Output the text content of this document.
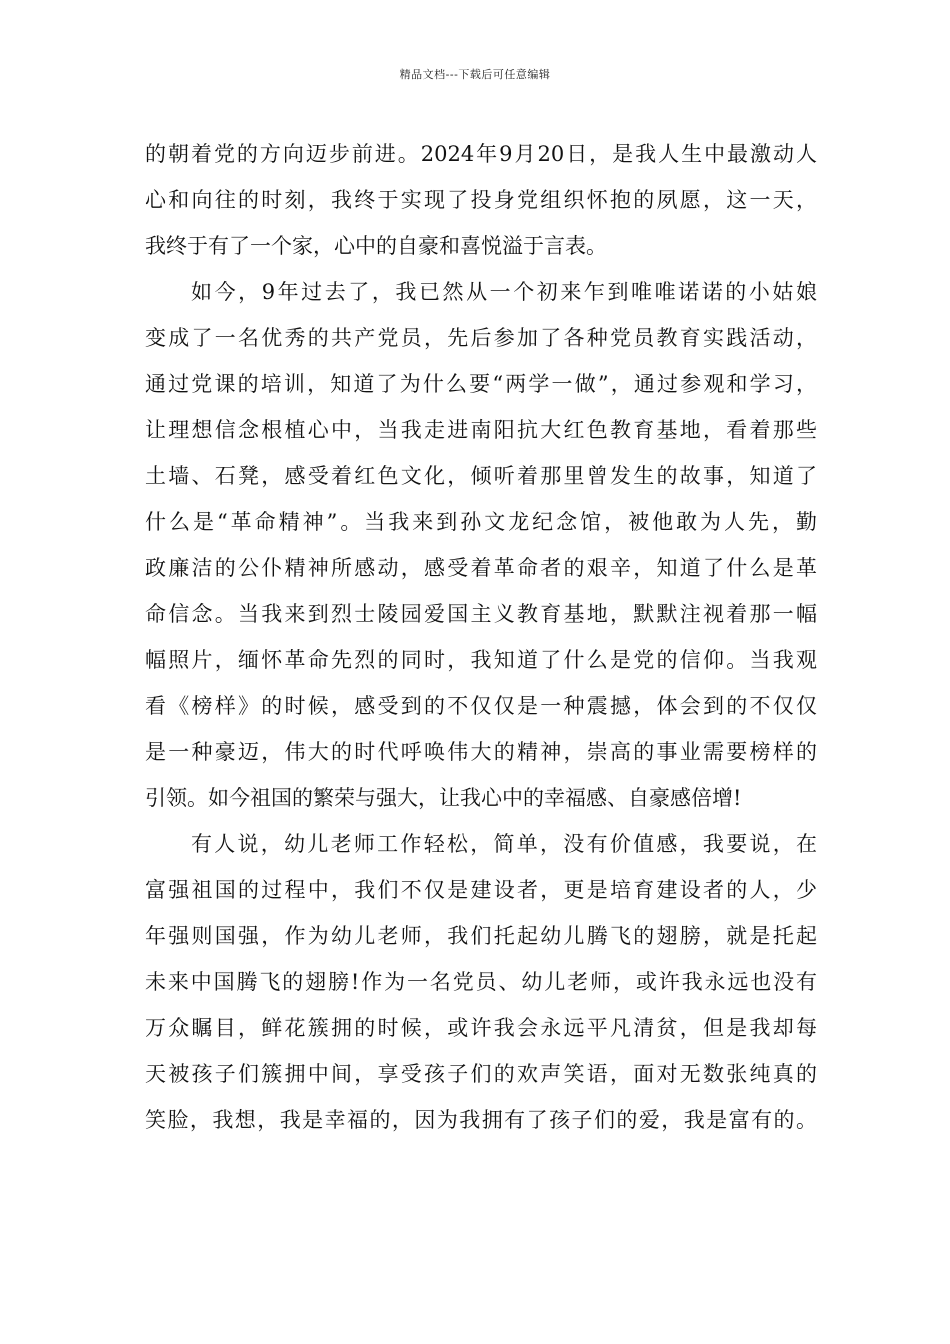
精品文档---下载后可任意编辑
的朝着党的方向迈步前进。2024年9月20日，是我人生中最激动人
心和向往的时刻，我终于实现了投身党组织怀抱的夙愿，这一天，
我终于有了一个家，心中的自豪和喜悦溢于言表。
如今，9年过去了，我已然从一个初来乍到唯唯诺诺的小姑娘
变成了一名优秀的共产党员，先后参加了各种党员教育实践活动，
通过党课的培训，知道了为什么要“两学一做”，通过参观和学习，
让理想信念根植心中，当我走进南阳抗大红色教育基地，看着那些
土墙、石凳，感受着红色文化，倾听着那里曾发生的故事，知道了
什么是“革命精神”。当我来到孙文龙纪念馆，被他敢为人先，勤
政廉洁的公仆精神所感动，感受着革命者的艰辛，知道了什么是革
命信念。当我来到烈士陵园爱国主义教育基地，默默注视着那一幅
幅照片，缅怀革命先烈的同时，我知道了什么是党的信仰。当我观
看《榜样》的时候，感受到的不仅仅是一种震撼，体会到的不仅仅
是一种豪迈，伟大的时代呼唤伟大的精神，崇高的事业需要榜样的
引领。如今祖国的繁荣与强大，让我心中的幸福感、自豪感倍增!
有人说，幼儿老师工作轻松，简单，没有价值感，我要说，在
富强祖国的过程中，我们不仅是建设者，更是培育建设者的人，少
年强则国强，作为幼儿老师，我们托起幼儿腾飞的翅膀，就是托起
未来中国腾飞的翅膀!作为一名党员、幼儿老师，或许我永远也没有
万众瞩目，鲜花簇拥的时候，或许我会永远平凡清贫，但是我却每
天被孩子们簇拥中间，享受孩子们的欢声笑语，面对无数张纯真的
笑脸，我想，我是幸福的，因为我拥有了孩子们的爱，我是富有的。
